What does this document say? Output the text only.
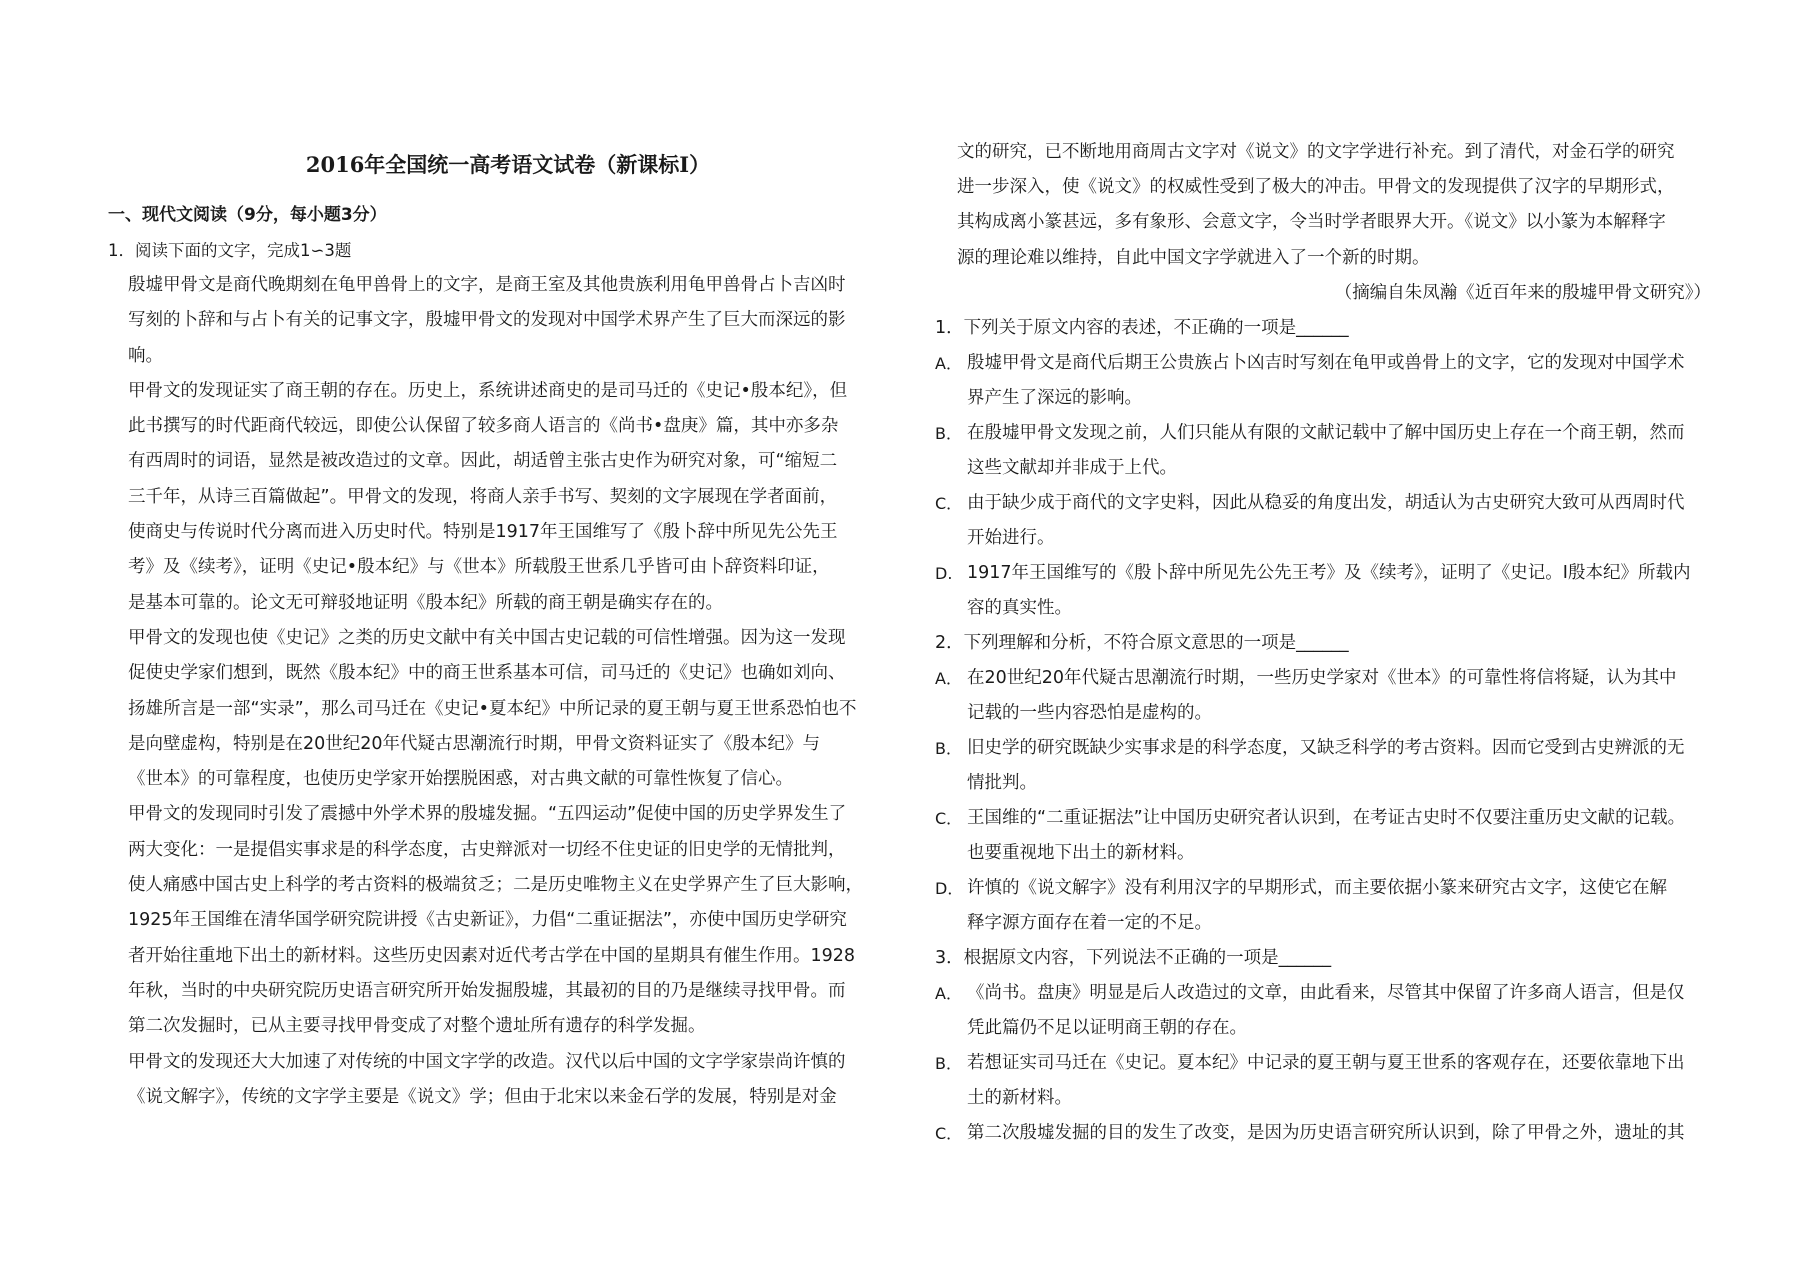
2016年全国统一高考语文试卷（新课标I）
一、现代文阅读（9分，每小题3分）
1．阅读下面的文字，完成1∽3题
殷墟甲骨文是商代晚期刻在龟甲兽骨上的文字，是商王室及其他贵族利用龟甲兽骨占卜吉凶时
写刻的卜辞和与占卜有关的记事文字，殷墟甲骨文的发现对中国学术界产生了巨大而深远的影
响。
甲骨文的发现证实了商王朝的存在。历史上，系统讲述商史的是司马迁的《史记•殷本纪》，但
此书撰写的时代距商代较远，即使公认保留了较多商人语言的《尚书•盘庚》篇，其中亦多杂
有西周时的词语，显然是被改造过的文章。因此，胡适曾主张古史作为研究对象，可“缩短二
三千年，从诗三百篇做起”。甲骨文的发现，将商人亲手书写、契刻的文字展现在学者面前，
使商史与传说时代分离而进入历史时代。特别是1917年王国维写了《殷卜辞中所见先公先王
考》及《续考》，证明《史记•殷本纪》与《世本》所载殷王世系几乎皆可由卜辞资料印证，
是基本可靠的。论文无可辩驳地证明《殷本纪》所载的商王朝是确实存在的。
甲骨文的发现也使《史记》之类的历史文献中有关中国古史记载的可信性增强。因为这一发现
促使史学家们想到，既然《殷本纪》中的商王世系基本可信，司马迁的《史记》也确如刘向、
扬雄所言是一部“实录”，那么司马迁在《史记•夏本纪》中所记录的夏王朝与夏王世系恐怕也不
是向壁虚构，特别是在20世纪20年代疑古思潮流行时期，甲骨文资料证实了《殷本纪》与
《世本》的可靠程度，也使历史学家开始摆脱困惑，对古典文献的可靠性恢复了信心。
甲骨文的发现同时引发了震撼中外学术界的殷墟发掘。“五四运动”促使中国的历史学界发生了
两大变化：一是提倡实事求是的科学态度，古史辩派对一切经不住史证的旧史学的无情批判，
使人痛感中国古史上科学的考古资料的极端贫乏；二是历史唯物主义在史学界产生了巨大影响，
1925年王国维在清华国学研究院讲授《古史新证》，力倡“二重证据法”，亦使中国历史学研究
者开始往重地下出土的新材料。这些历史因素对近代考古学在中国的星期具有催生作用。1928
年秋，当时的中央研究院历史语言研究所开始发掘殷墟，其最初的目的乃是继续寻找甲骨。而
第二次发掘时，已从主要寻找甲骨变成了对整个遗址所有遗存的科学发掘。
甲骨文的发现还大大加速了对传统的中国文字学的改造。汉代以后中国的文字学家崇尚许慎的
《说文解字》，传统的文字学主要是《说文》学；但由于北宋以来金石学的发展，特别是对金
文的研究，已不断地用商周古文字对《说文》的文字学进行补充。到了清代，对金石学的研究
进一步深入，使《说文》的权威性受到了极大的冲击。甲骨文的发现提供了汉字的早期形式，
其构成离小篆甚远，多有象形、会意文字，令当时学者眼界大开。《说文》以小篆为本解释字
源的理论难以维持，自此中国文字学就进入了一个新的时期。
（摘编自朱凤瀚《近百年来的殷墟甲骨文研究》）
1．下列关于原文内容的表述，不正确的一项是______
A． 殷墟甲骨文是商代后期王公贵族占卜凶吉时写刻在龟甲或兽骨上的文字，它的发现对中国学术
界产生了深远的影响。
B． 在殷墟甲骨文发现之前，人们只能从有限的文献记载中了解中国历史上存在一个商王朝，然而
这些文献却并非成于上代。
C． 由于缺少成于商代的文字史料，因此从稳妥的角度出发，胡适认为古史研究大致可从西周时代
开始进行。
D. 1917年王国维写的《殷卜辞中所见先公先王考》及《续考》，证明了《史记。I殷本纪》所载内
容的真实性。
2．下列理解和分析，不符合原文意思的一项是______
A． 在20世纪20年代疑古思潮流行时期，一些历史学家对《世本》的可靠性将信将疑，认为其中
记载的一些内容恐怕是虚构的。
B． 旧史学的研究既缺少实事求是的科学态度，又缺乏科学的考古资料。因而它受到古史辨派的无
情批判。
C． 王国维的“二重证据法”让中国历史研究者认识到，在考证古史时不仅要注重历史文献的记载。
也要重视地下出土的新材料。
D． 许慎的《说文解字》没有利用汉字的早期形式，而主要依据小篆来研究古文字，这使它在解
释字源方面存在着一定的不足。
3．根据原文内容，下列说法不正确的一项是______
A． 《尚书。盘庚》明显是后人改造过的文章，由此看来，尽管其中保留了许多商人语言，但是仅
凭此篇仍不足以证明商王朝的存在。
B． 若想证实司马迁在《史记。夏本纪》中记录的夏王朝与夏王世系的客观存在，还要依靠地下出
土的新材料。
C． 第二次殷墟发掘的目的发生了改变，是因为历史语言研究所认识到，除了甲骨之外，遗址的其
